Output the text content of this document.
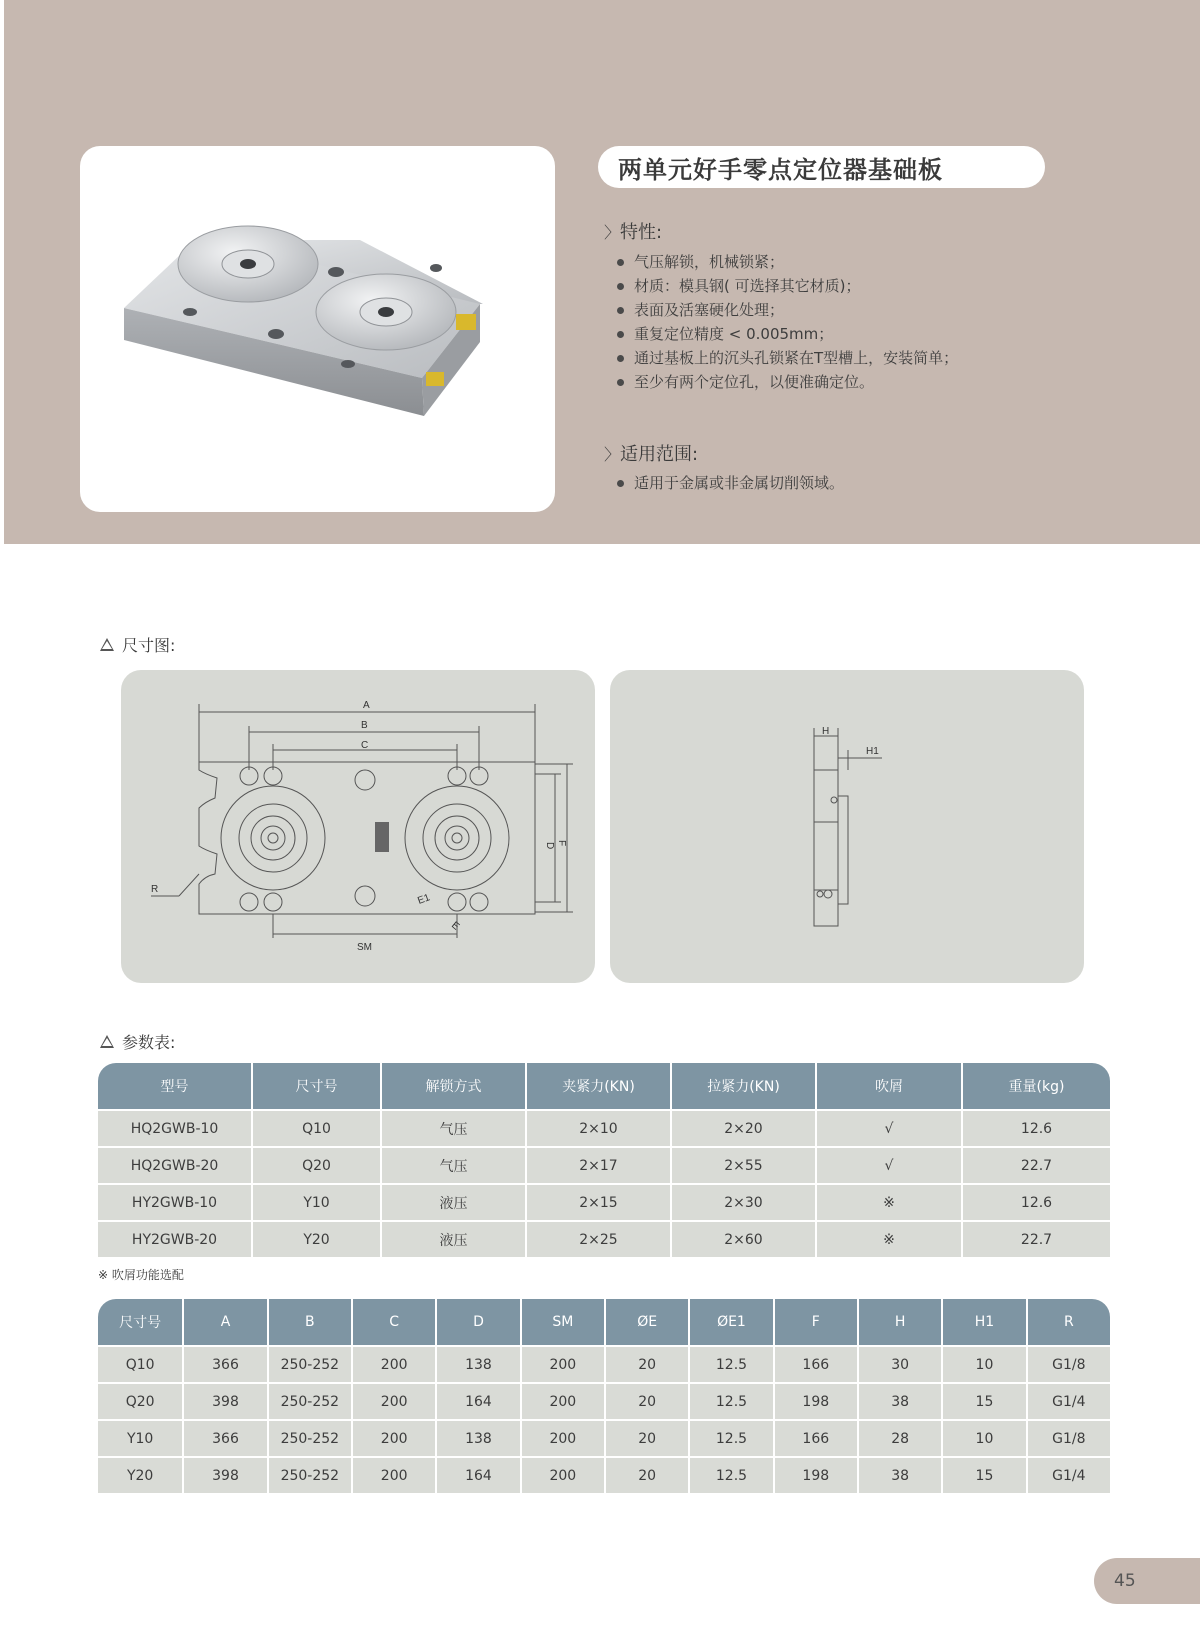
两单元好手零点定位器基础板
〉特性:
气压解锁，机械锁紧；
材质：模具钢( 可选择其它材质)；
表面及活塞硬化处理；
重复定位精度 < 0.005mm；
通过基板上的沉头孔锁紧在T型槽上，安装简单；
至少有两个定位孔，以便准确定位。
〉适用范围:
适用于金属或非金属切削领域。
尺寸图:
A
B
C
D F
SM
R
E1
E
H
H1
参数表:
型号	尺寸号	解锁方式	夹紧力(KN)	拉紧力(KN)	吹屑	重量(kg)
HQ2GWB-10	Q10	气压	2×10	2×20	√	12.6
HQ2GWB-20	Q20	气压	2×17	2×55	√	22.7
HY2GWB-10	Y10	液压	2×15	2×30	※	12.6
HY2GWB-20	Y20	液压	2×25	2×60	※	22.7
※ 吹屑功能选配
尺寸号	A	B	C	D	SM	ØE	ØE1	F	H	H1	R
Q10	366	250-252	200	138	200	20	12.5	166	30	10	G1/8
Q20	398	250-252	200	164	200	20	12.5	198	38	15	G1/4
Y10	366	250-252	200	138	200	20	12.5	166	28	10	G1/8
Y20	398	250-252	200	164	200	20	12.5	198	38	15	G1/4
45
